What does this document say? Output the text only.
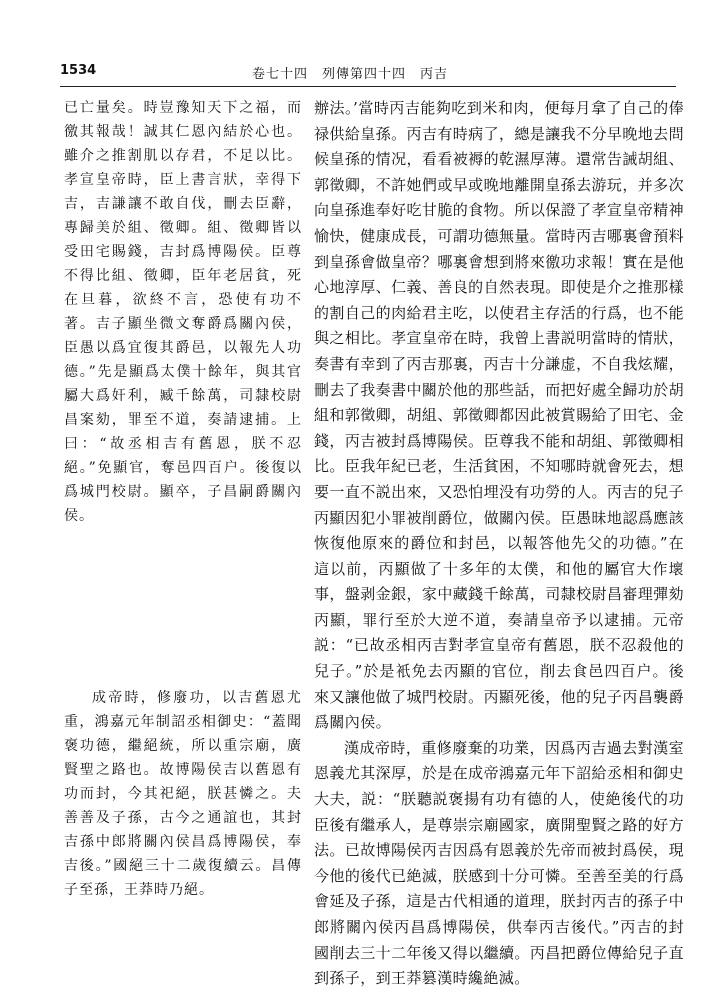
1534	卷七十四　列傳第四十四　丙吉

已亡量矣。時豈豫知天下之福，而徼其報哉！誠其仁恩內結於心也。雖介之推割肌以存君，不足以比。孝宣皇帝時，臣上書言狀，幸得下吉，吉謙讓不敢自伐，刪去臣辭，專歸美於組、徵卿。組、徵卿皆以受田宅賜錢，吉封爲博陽侯。臣尊不得比組、徵卿，臣年老居貧，死在旦暮，欲終不言，恐使有功不著。吉子顯坐微文奪爵爲關內侯，臣愚以爲宜復其爵邑，以報先人功德。”先是顯爲太僕十餘年，與其官屬大爲奸利，臧千餘萬，司隸校尉昌案劾，罪至不道，奏請逮捕。上曰：“故丞相吉有舊恩，朕不忍絕。”免顯官，奪邑四百户。後復以爲城門校尉。顯卒，子昌嗣爵關內侯。

成帝時，修廢功，以吉舊恩尤重，鴻嘉元年制詔丞相御史：“蓋聞褒功德，繼絕統，所以重宗廟，廣賢聖之路也。故博陽侯吉以舊恩有功而封，今其祀絕，朕甚憐之。夫善善及子孫，古今之通誼也，其封吉孫中郎將關內侯昌爲博陽侯，奉吉後。”國絕三十二歲復續云。昌傳子至孫，王莽時乃絕。

辦法。’當時丙吉能夠吃到米和肉，便每月拿了自己的俸禄供給皇孫。丙吉有時病了，總是讓我不分早晚地去問候皇孫的情况，看看被褥的乾濕厚薄。還常告誡胡組、郭徵卿，不許她們或早或晚地離開皇孫去游玩，并多次向皇孫進奉好吃甘脆的食物。所以保證了孝宣皇帝精神愉快，健康成長，可謂功德無量。當時丙吉哪裏會預料到皇孫會做皇帝？哪裏會想到將來徼功求報！實在是他心地淳厚、仁義、善良的自然表現。即使是介之推那樣的割自己的肉給君主吃，以使君主存活的行爲，也不能與之相比。孝宣皇帝在時，我曾上書説明當時的情狀，奏書有幸到了丙吉那裏，丙吉十分謙虚，不自我炫耀，刪去了我奏書中關於他的那些話，而把好處全歸功於胡組和郭徵卿，胡組、郭徵卿都因此被賞賜給了田宅、金錢，丙吉被封爲博陽侯。臣尊我不能和胡組、郭徵卿相比。臣我年紀已老，生活貧困，不知哪時就會死去，想要一直不説出來，又恐怕埋没有功勞的人。丙吉的兒子丙顯因犯小罪被削爵位，做關內侯。臣愚昧地認爲應該恢復他原來的爵位和封邑，以報答他先父的功德。”在這以前，丙顯做了十多年的太僕，和他的屬官大作壞事，盤剥金銀，家中藏錢千餘萬，司隸校尉昌審理彈劾丙顯，罪行至於大逆不道，奏請皇帝予以逮捕。元帝説：“已故丞相丙吉對孝宣皇帝有舊恩，朕不忍殺他的兒子。”於是衹免去丙顯的官位，削去食邑四百户。後來又讓他做了城門校尉。丙顯死後，他的兒子丙昌襲爵爲關內侯。

漢成帝時，重修廢棄的功業，因爲丙吉過去對漢室恩義尤其深厚，於是在成帝鴻嘉元年下詔給丞相和御史大夫，説：“朕聽説褒揚有功有德的人，使絶後代的功臣後有繼承人，是尊崇宗廟國家，廣開聖賢之路的好方法。已故博陽侯丙吉因爲有恩義於先帝而被封爲侯，現今他的後代已絶滅，朕感到十分可憐。至善至美的行爲會延及子孫，這是古代相通的道理，朕封丙吉的孫子中郎將關內侯丙昌爲博陽侯，供奉丙吉後代。”丙吉的封國削去三十二年後又得以繼續。丙昌把爵位傳給兒子直到孫子，到王莽篡漢時纔絶滅。
